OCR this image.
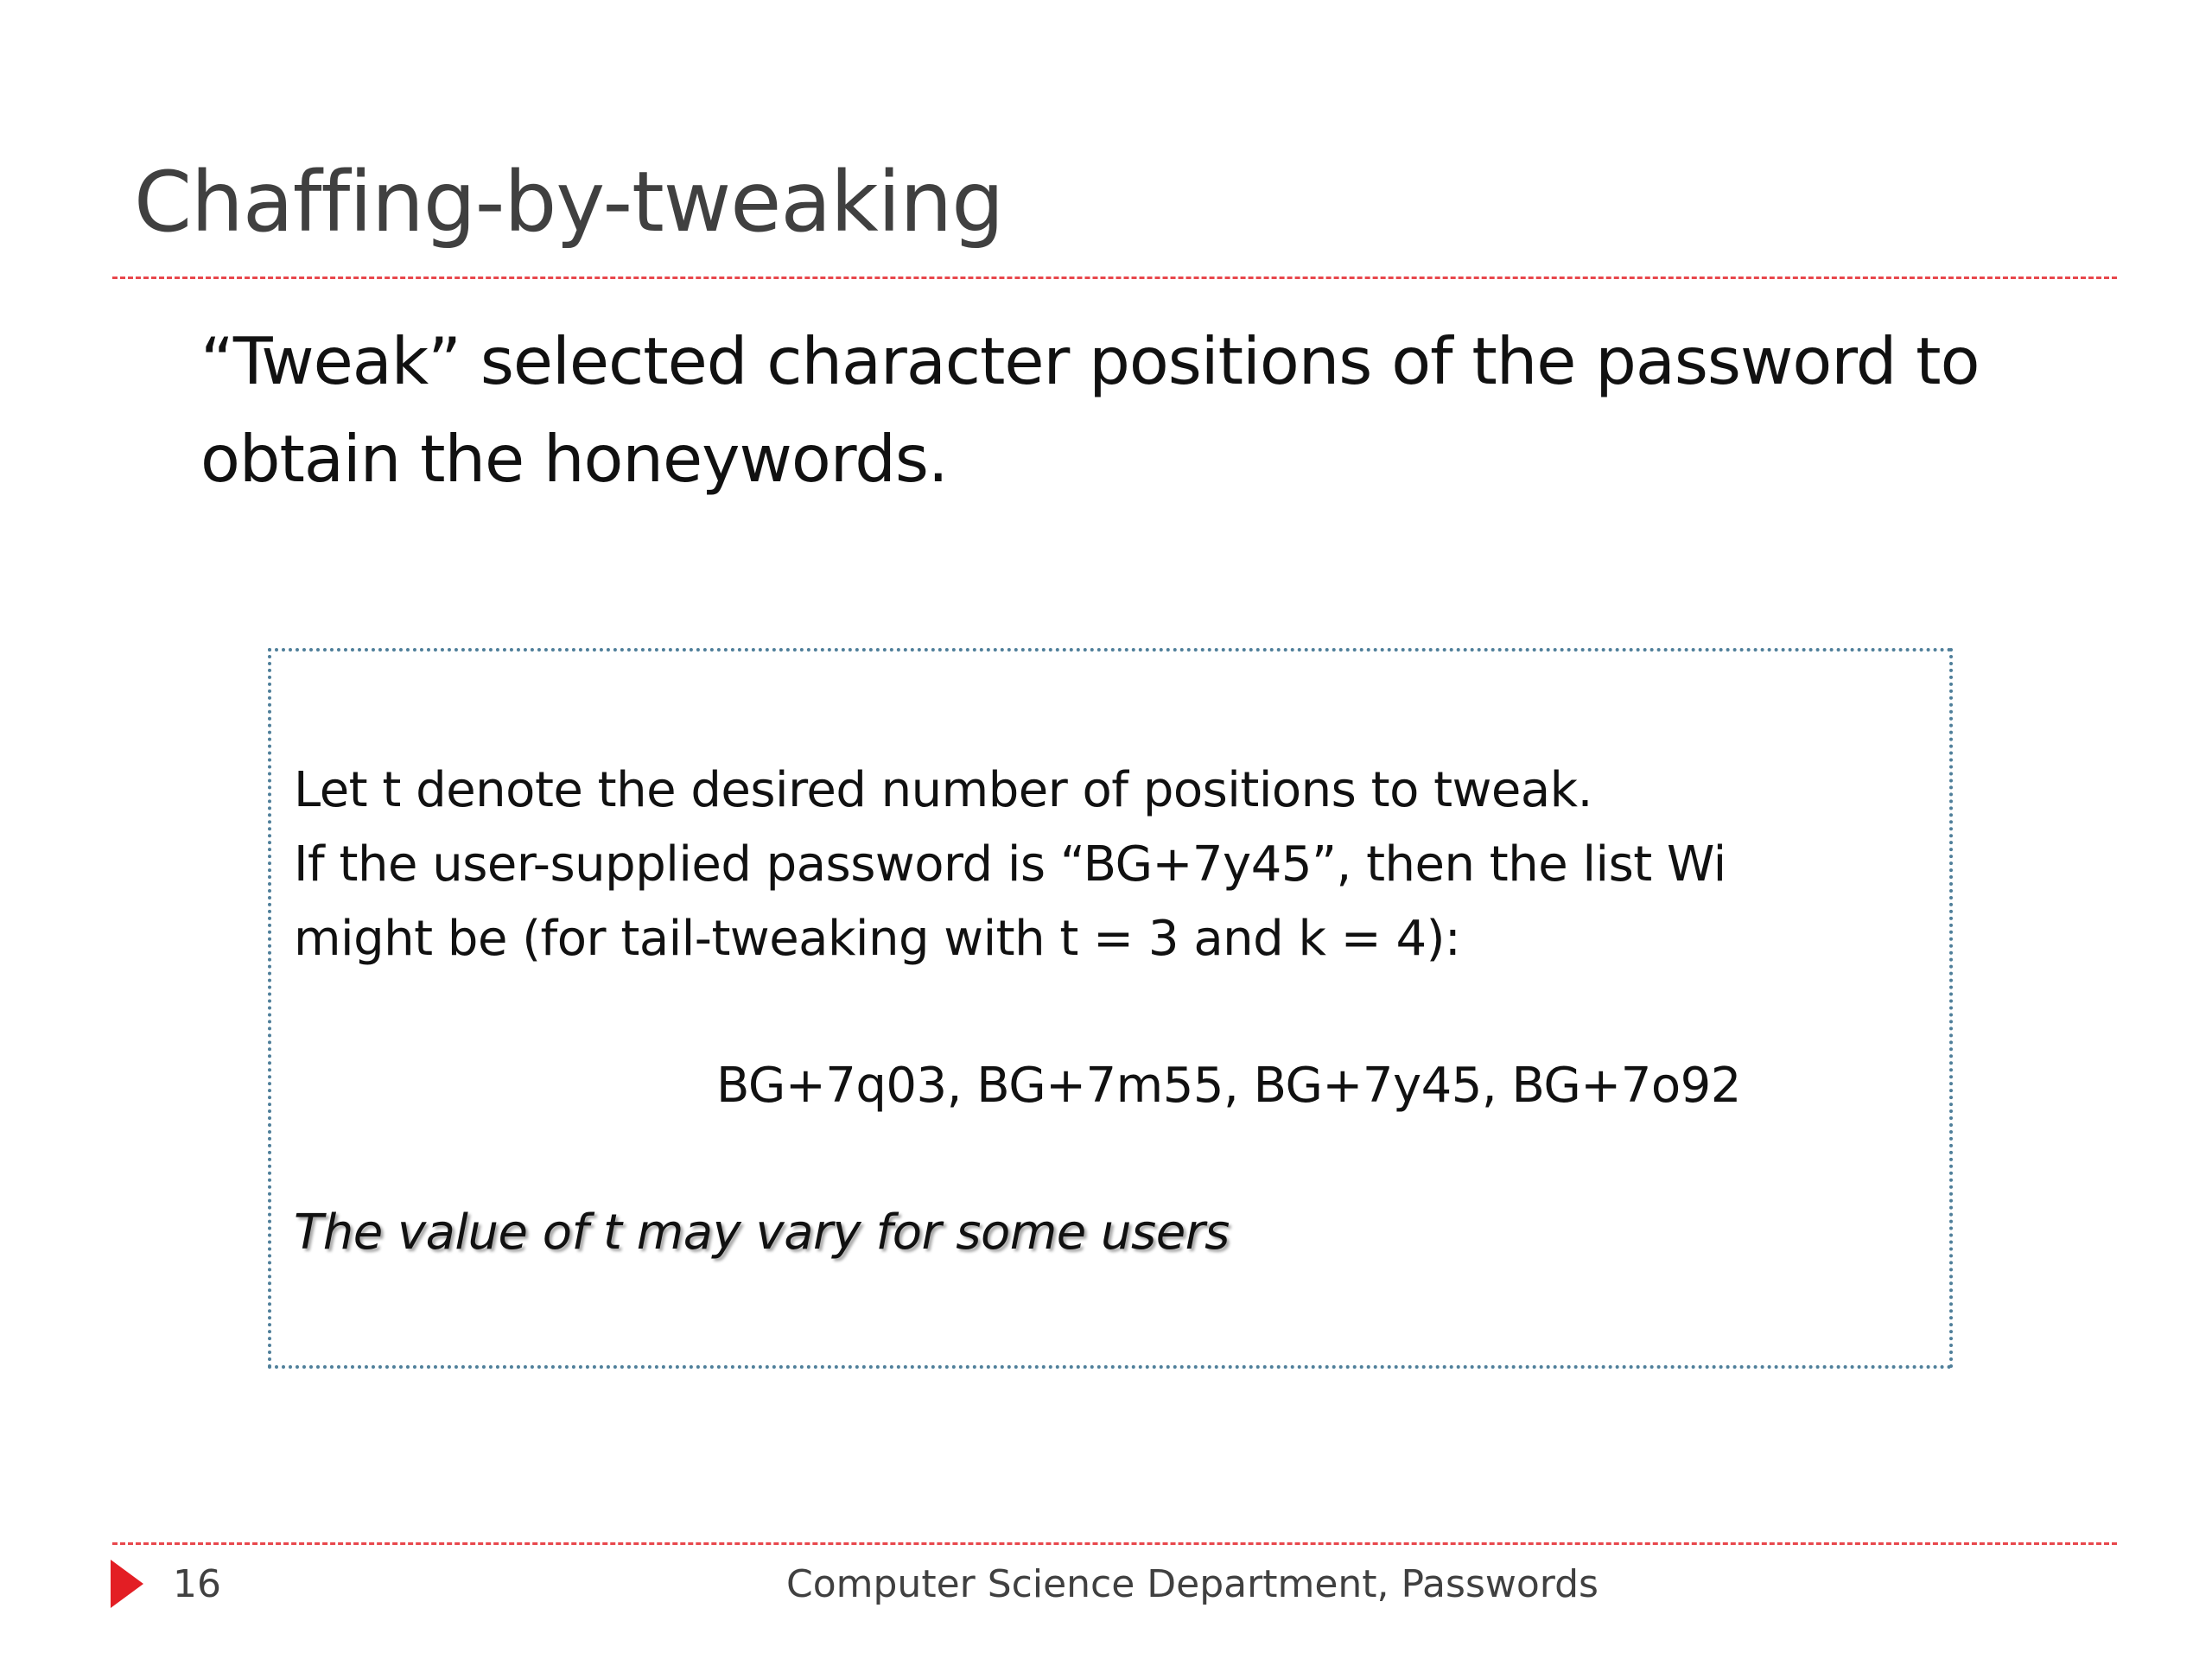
Chaffing-by-tweaking

“Tweak” selected character positions of the password to obtain the honeywords.

Let t denote the desired number of positions to tweak.

If the user-supplied password is “BG+7y45”, then the list Wi

might be (for tail-tweaking with t = 3 and k = 4):

BG+7q03, BG+7m55, BG+7y45, BG+7o92

The value of t may vary for some users

16	Computer Science Department, Passwords
